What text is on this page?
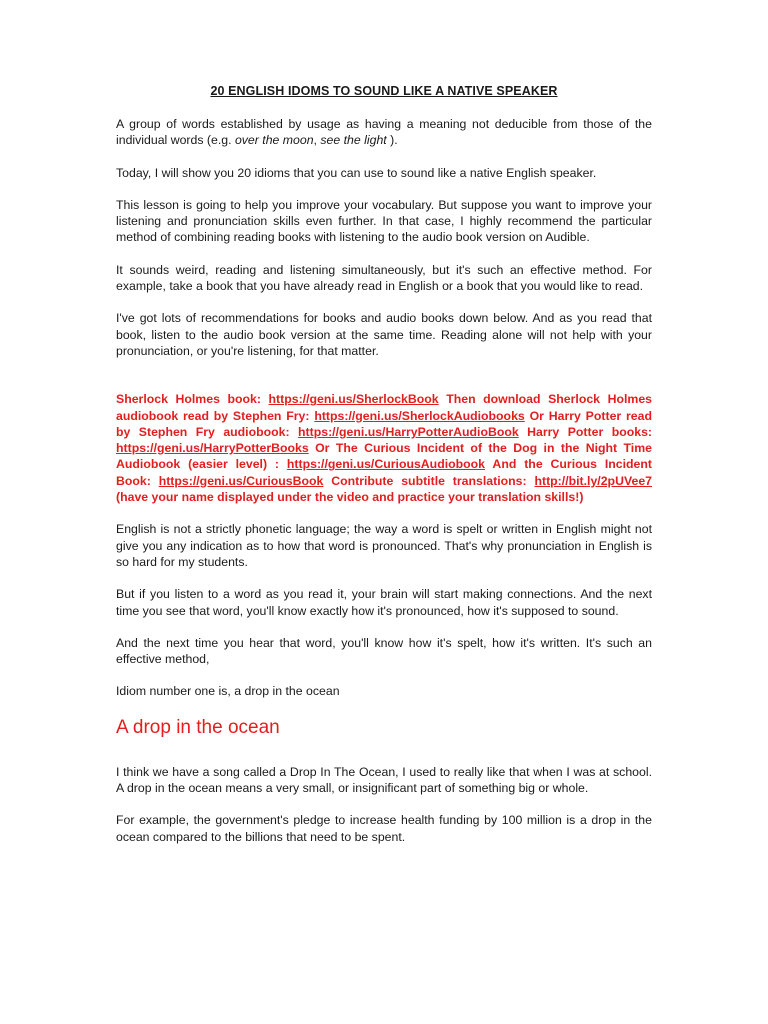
20 ENGLISH IDOMS TO SOUND LIKE A NATIVE SPEAKER

A group of words established by usage as having a meaning not deducible from those of the individual words (e.g. over the moon, see the light ).

Today, I will show you 20 idioms that you can use to sound like a native English speaker.

This lesson is going to help you improve your vocabulary. But suppose you want to improve your listening and pronunciation skills even further. In that case, I highly recommend the particular method of combining reading books with listening to the audio book version on Audible.

It sounds weird, reading and listening simultaneously, but it's such an effective method. For example, take a book that you have already read in English or a book that you would like to read.

I've got lots of recommendations for books and audio books down below. And as you read that book, listen to the audio book version at the same time. Reading alone will not help with your pronunciation, or you're listening, for that matter.

Sherlock Holmes book: https://geni.us/SherlockBook Then download Sherlock Holmes audiobook read by Stephen Fry: https://geni.us/SherlockAudiobooks Or Harry Potter read by Stephen Fry audiobook: https://geni.us/HarryPotterAudioBook Harry Potter books: https://geni.us/HarryPotterBooks Or The Curious Incident of the Dog in the Night Time Audiobook (easier level) : https://geni.us/CuriousAudiobook And the Curious Incident Book: https://geni.us/CuriousBook Contribute subtitle translations: http://bit.ly/2pUVee7 (have your name displayed under the video and practice your translation skills!)

English is not a strictly phonetic language; the way a word is spelt or written in English might not give you any indication as to how that word is pronounced. That's why pronunciation in English is so hard for my students.

But if you listen to a word as you read it, your brain will start making connections. And the next time you see that word, you'll know exactly how it's pronounced, how it's supposed to sound.

And the next time you hear that word, you'll know how it's spelt, how it's written. It's such an effective method,

Idiom number one is, a drop in the ocean

A drop in the ocean

I think we have a song called a Drop In The Ocean, I used to really like that when I was at school. A drop in the ocean means a very small, or insignificant part of something big or whole.

For example, the government's pledge to increase health funding by 100 million is a drop in the ocean compared to the billions that need to be spent.
